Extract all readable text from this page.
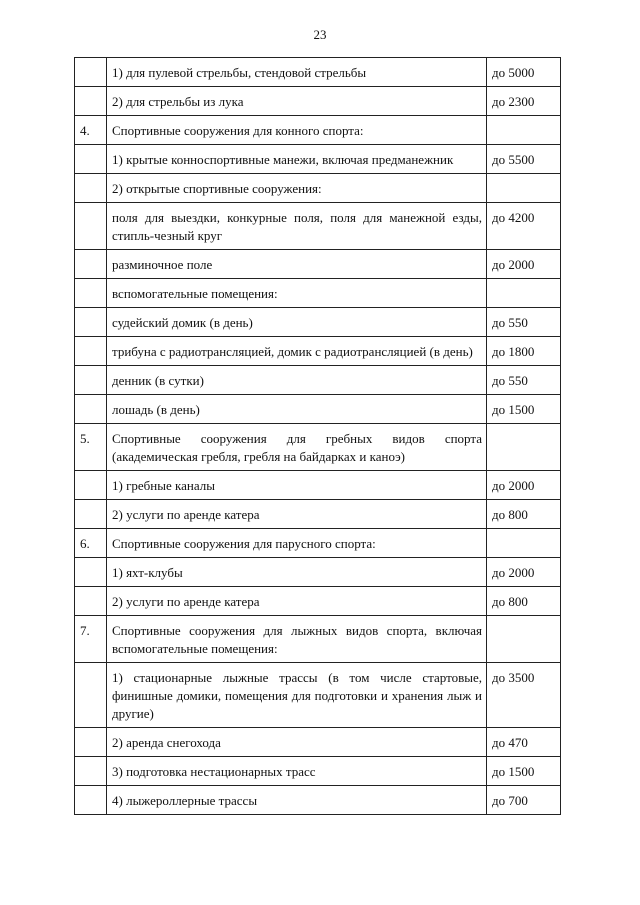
23
	1) для пулевой стрельбы, стендовой стрельбы	до 5000
	2) для стрельбы из лука	до 2300
4.	Спортивные сооружения для конного спорта:	
	1) крытые конноспортивные манежи, включая предманежник	до 5500
	2) открытые спортивные сооружения:	
	поля для выездки, конкурные поля, поля для манежной езды, стипль-чезный круг	до 4200
	разминочное поле	до 2000
	вспомогательные помещения:	
	судейский домик (в день)	до 550
	трибуна с радиотрансляцией, домик с радиотрансляцией (в день)	до 1800
	денник (в сутки)	до 550
	лошадь (в день)	до 1500
5.	Спортивные сооружения для гребных видов спорта (академическая гребля, гребля на байдарках и каноэ)	
	1) гребные каналы	до 2000
	2) услуги по аренде катера	до 800
6.	Спортивные сооружения для парусного спорта:	
	1) яхт-клубы	до 2000
	2) услуги по аренде катера	до 800
7.	Спортивные сооружения для лыжных видов спорта, включая вспомогательные помещения:	
	1) стационарные лыжные трассы (в том числе стартовые, финишные домики, помещения для подготовки и хранения лыж и другие)	до 3500
	2) аренда снегохода	до 470
	3) подготовка нестационарных трасс	до 1500
	4) лыжероллерные трассы	до 700
